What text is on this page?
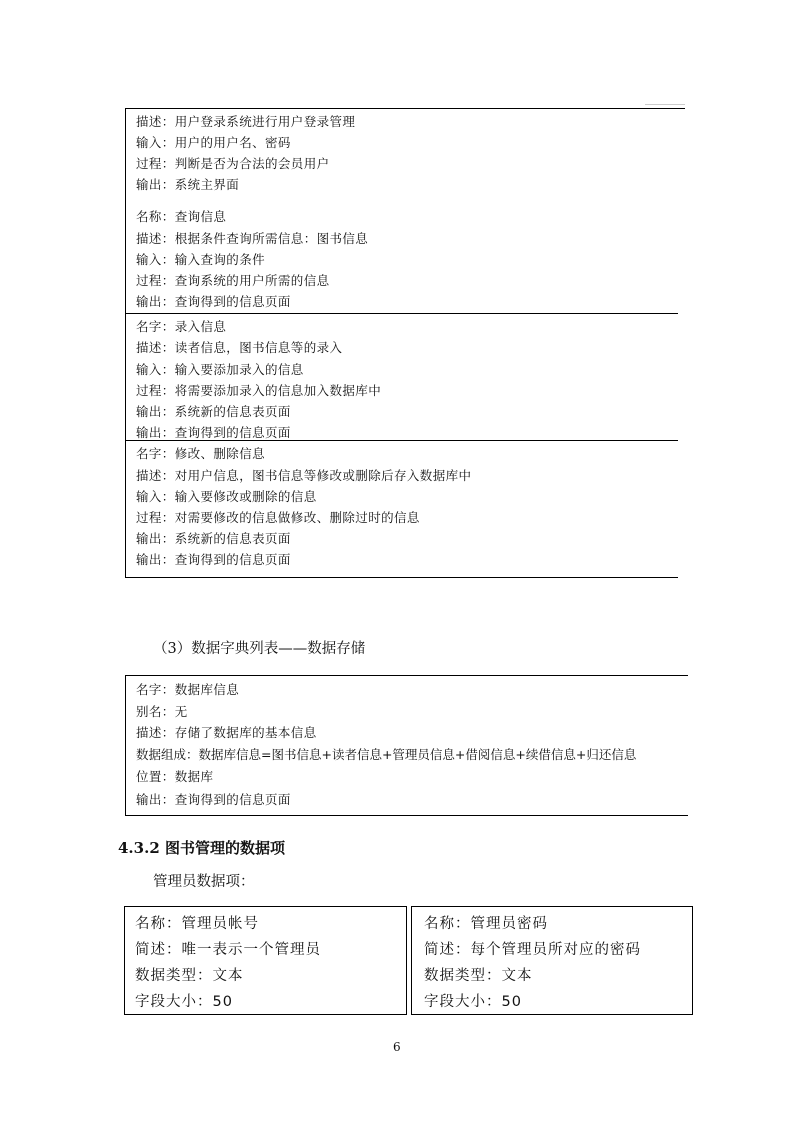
描述：用户登录系统进行用户登录管理
输入：用户的用户名、密码
过程：判断是否为合法的会员用户
输出：系统主界面
名称：查询信息
描述：根据条件查询所需信息：图书信息
输入：输入查询的条件
过程：查询系统的用户所需的信息
输出：查询得到的信息页面
名字：录入信息
描述：读者信息，图书信息等的录入
输入：输入要添加录入的信息
过程：将需要添加录入的信息加入数据库中
输出：系统新的信息表页面
输出：查询得到的信息页面
名字：修改、删除信息
描述：对用户信息，图书信息等修改或删除后存入数据库中
输入：输入要修改或删除的信息
过程：对需要修改的信息做修改、删除过时的信息
输出：系统新的信息表页面
输出：查询得到的信息页面
（3）数据字典列表——数据存储
名字：数据库信息
别名：无
描述：存储了数据库的基本信息
数据组成：数据库信息=图书信息+读者信息+管理员信息+借阅信息+续借信息+归还信息
位置：数据库
输出：查询得到的信息页面
4.3.2 图书管理的数据项
管理员数据项：
名称：管理员帐号
简述：唯一表示一个管理员
数据类型：文本
字段大小：50
名称：管理员密码
简述：每个管理员所对应的密码
数据类型：文本
字段大小：50
6
